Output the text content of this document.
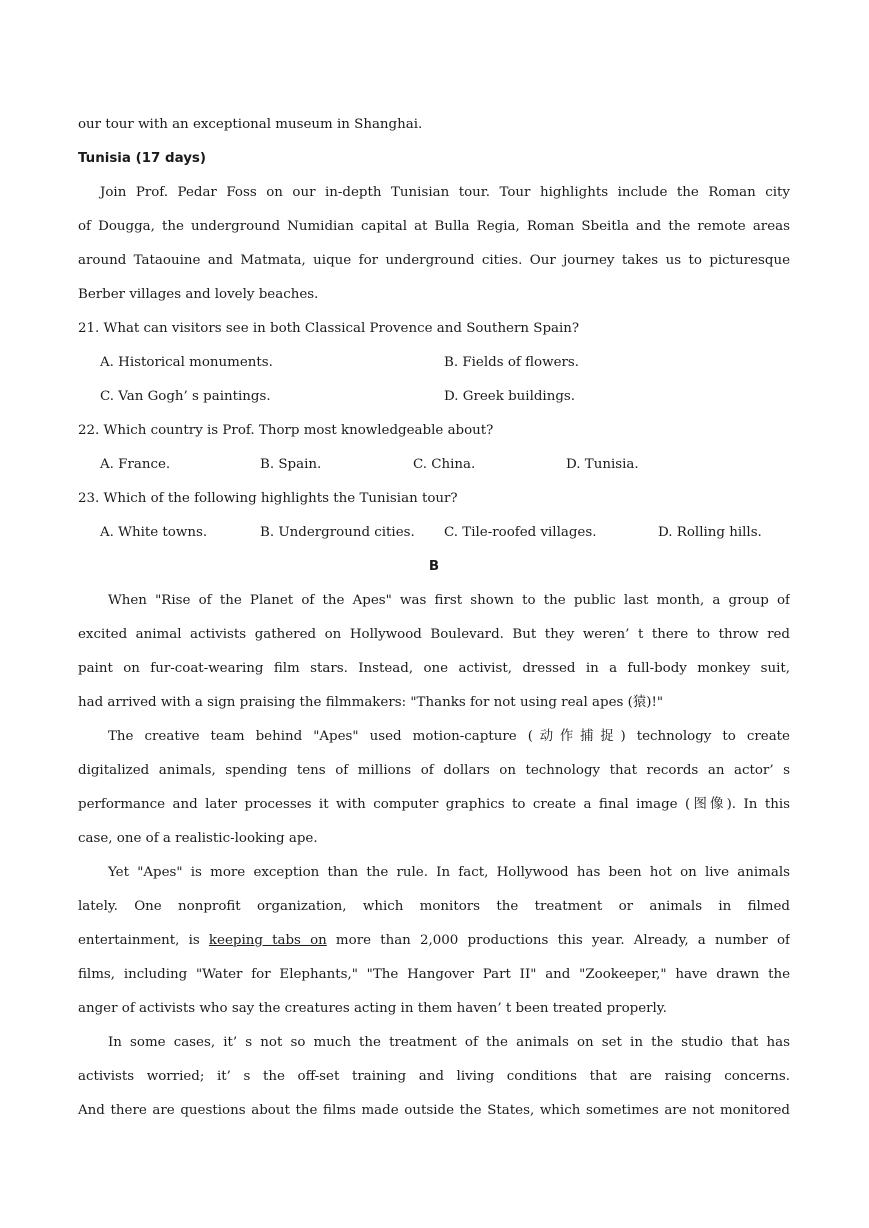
our tour with an exceptional museum in Shanghai.
Tunisia (17 days)
Join Prof. Pedar Foss on our in-depth Tunisian tour. Tour highlights include the Roman city
of Dougga, the underground Numidian capital at Bulla Regia, Roman Sbeitla and the remote areas
around Tataouine and Matmata, uique for underground cities. Our journey takes us to picturesque
Berber villages and lovely beaches.
21. What can visitors see in both Classical Provence and Southern Spain?
A. Historical monuments.	B. Fields of flowers.
C. Van Gogh’ s paintings.	D. Greek buildings.
22. Which country is Prof. Thorp most knowledgeable about?
A. France.	B. Spain.	C. China.	D. Tunisia.
23. Which of the following highlights the Tunisian tour?
A. White towns.	B. Underground cities.	C. Tile-roofed villages.	D. Rolling hills.
B
When "Rise of the Planet of the Apes" was first shown to the public last month, a group of
excited animal activists gathered on Hollywood Boulevard. But they weren’ t there to throw red
paint on fur-coat-wearing film stars. Instead, one activist, dressed in a full-body monkey suit,
had arrived with a sign praising the filmmakers: "Thanks for not using real apes (猿)!"
The creative team behind "Apes" used motion-capture (动作捕捉) technology to create
digitalized animals, spending tens of millions of dollars on technology that records an actor’ s
performance and later processes it with computer graphics to create a final image (图像). In this
case, one of a realistic-looking ape.
Yet "Apes" is more exception than the rule. In fact, Hollywood has been hot on live animals
lately. One nonprofit organization, which monitors the treatment or animals in filmed
entertainment, is keeping tabs on more than 2,000 productions this year. Already, a number of
films, including "Water for Elephants," "The Hangover Part II" and "Zookeeper," have drawn the
anger of activists who say the creatures acting in them haven’ t been treated properly.
In some cases, it’ s not so much the treatment of the animals on set in the studio that has
activists worried; it’ s the off-set training and living conditions that are raising concerns.
And there are questions about the films made outside the States, which sometimes are not monitored
